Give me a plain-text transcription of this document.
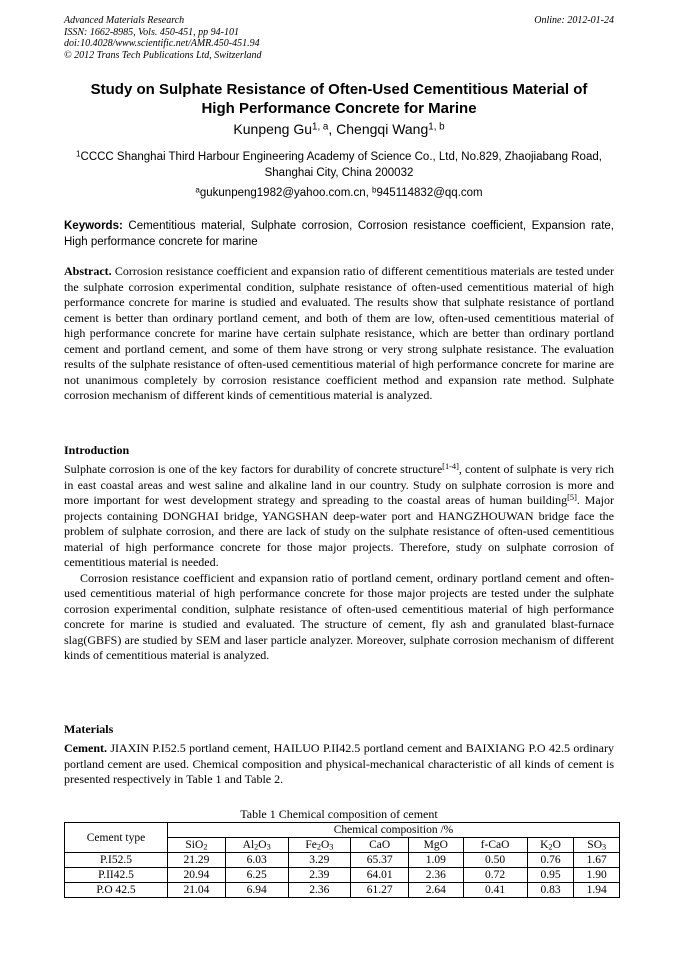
Advanced Materials Research
ISSN: 1662-8985, Vols. 450-451, pp 94-101
doi:10.4028/www.scientific.net/AMR.450-451.94
© 2012 Trans Tech Publications Ltd, Switzerland
Online: 2012-01-24
Study on Sulphate Resistance of Often-Used Cementitious Material of
High Performance Concrete for Marine
Kunpeng Gu$^{1, a}$, Chengqi Wang$^{1, b}$
$^1$CCCC Shanghai Third Harbour Engineering Academy of Science Co., Ltd, No.829, Zhaojiabang Road, Shanghai City, China 200032
$^a$gukunpeng1982@yahoo.com.cn, $^b$945114832@qq.com
Keywords: Cementitious material, Sulphate corrosion, Corrosion resistance coefficient, Expansion rate, High performance concrete for marine
Abstract. Corrosion resistance coefficient and expansion ratio of different cementitious materials are tested under the sulphate corrosion experimental condition, sulphate resistance of often-used cementitious material of high performance concrete for marine is studied and evaluated. The results show that sulphate resistance of portland cement is better than ordinary portland cement, and both of them are low, often-used cementitious material of high performance concrete for marine have certain sulphate resistance, which are better than ordinary portland cement and portland cement, and some of them have strong or very strong sulphate resistance. The evaluation results of the sulphate resistance of often-used cementitious material of high performance concrete for marine are not unanimous completely by corrosion resistance coefficient method and expansion rate method. Sulphate corrosion mechanism of different kinds of cementitious material is analyzed.
Introduction

Sulphate corrosion is one of the key factors for durability of concrete structure[1-4], content of sulphate is very rich in east coastal areas and west saline and alkaline land in our country. Study on sulphate corrosion is more and more important for west development strategy and spreading to the coastal areas of human building[5]. Major projects containing DONGHAI bridge, YANGSHAN deep-water port and HANGZHOUWAN bridge face the problem of sulphate corrosion, and there are lack of study on the sulphate resistance of often-used cementitious material of high performance concrete for those major projects. Therefore, study on sulphate corrosion of cementitious material is needed.

Corrosion resistance coefficient and expansion ratio of portland cement, ordinary portland cement and often-used cementitious material of high performance concrete for those major projects are tested under the sulphate corrosion experimental condition, sulphate resistance of often-used cementitious material of high performance concrete for marine is studied and evaluated. The structure of cement, fly ash and granulated blast-furnace slag(GBFS) are studied by SEM and laser particle analyzer. Moreover, sulphate corrosion mechanism of different kinds of cementitious material is analyzed.

Materials
Cement. JIAXIN P.I52.5 portland cement, HAILUO P.II42.5 portland cement and BAIXIANG P.O 42.5 ordinary portland cement are used. Chemical composition and physical-mechanical characteristic of all kinds of cement is presented respectively in Table 1 and Table 2.
Table 1 Chemical composition of cement
Cement type	Chemical composition /%							
	SiO$_2$	$Al_2O_3$	$Fe_2O_3$	CaO	MgO	f-CaO	$K_2O$	$SO_3$
P.I52.5	21.29	6.03	3.29	65.37	1.09	0.50	0.76	1.67
P.II42.5	20.94	6.25	2.39	64.01	2.36	0.72	0.95	1.90
P.O 42.5	21.04	6.94	2.36	61.27	2.64	0.41	0.83	1.94
